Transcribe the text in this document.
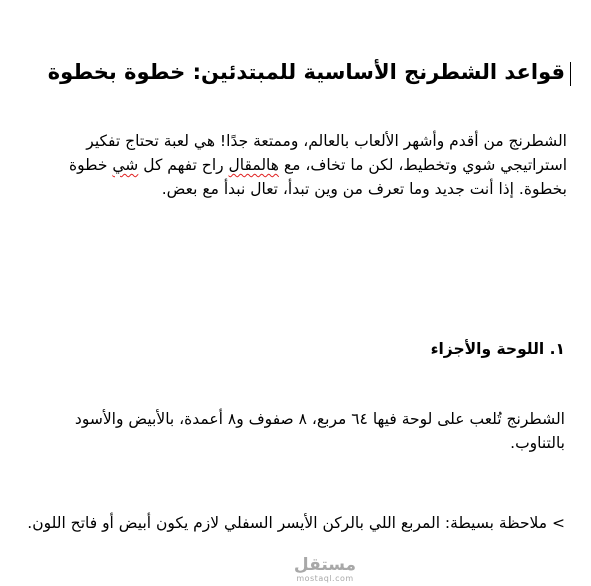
قواعد الشطرنج الأساسية للمبتدئين: خطوة بخطوة
الشطرنج من أقدم وأشهر الألعاب بالعالم، وممتعة جدًا! هي لعبة تحتاج تفكير استراتيجي شوي وتخطيط، لكن ما تخاف، مع هالمقال راح تفهم كل شي خطوة بخطوة. إذا أنت جديد وما تعرف من وين تبدأ، تعال نبدأ مع بعض.
١. اللوحة والأجزاء
الشطرنج تُلعب على لوحة فيها ٦٤ مربع، ٨ صفوف و٨ أعمدة، بالأبيض والأسود بالتناوب.
> ملاحظة بسيطة: المربع اللي بالركن الأيسر السفلي لازم يكون أبيض أو فاتح اللون.
مستقل
mostaql.com
